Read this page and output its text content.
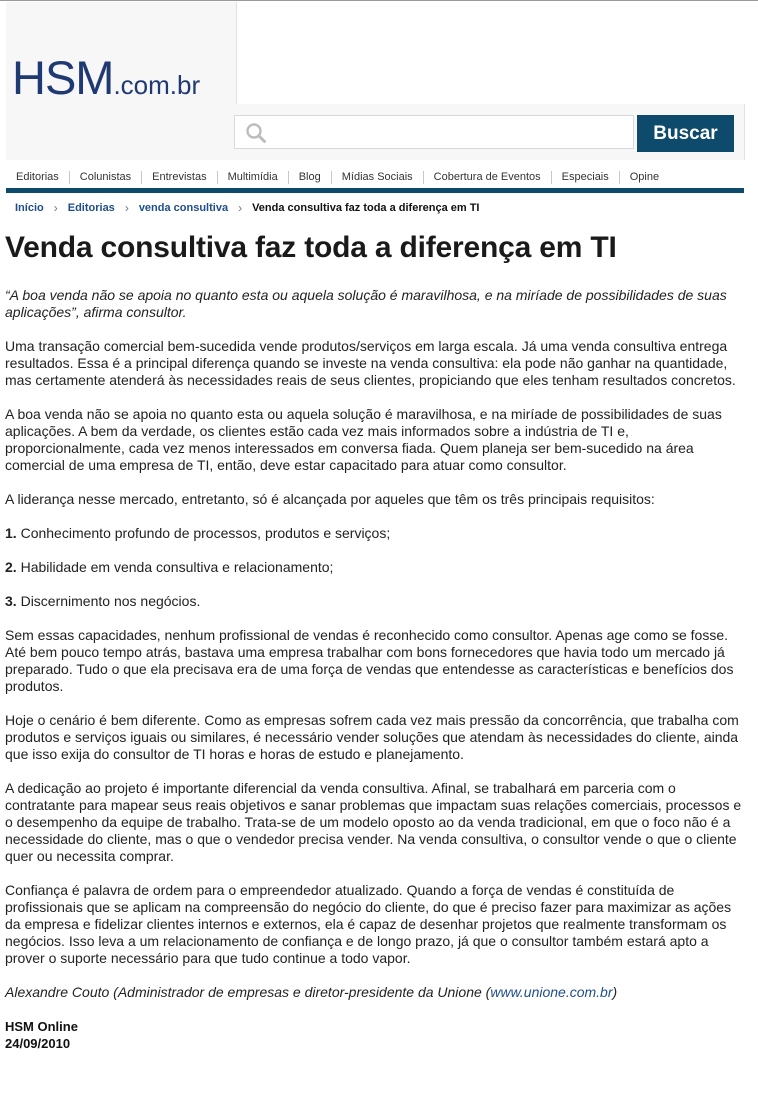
HSM.com.br
Buscar
Editorias	Colunistas	Entrevistas	Multimídia	Blog	Mídias Sociais	Cobertura de Eventos	Especiais	Opine
Início › Editorias › venda consultiva › Venda consultiva faz toda a diferença em TI
Venda consultiva faz toda a diferença em TI

“A boa venda não se apoia no quanto esta ou aquela solução é maravilhosa, e na miríade de possibilidades de suas aplicações”, afirma consultor.

Uma transação comercial bem-sucedida vende produtos/serviços em larga escala. Já uma venda consultiva entrega resultados. Essa é a principal diferença quando se investe na venda consultiva: ela pode não ganhar na quantidade, mas certamente atenderá às necessidades reais de seus clientes, propiciando que eles tenham resultados concretos.

A boa venda não se apoia no quanto esta ou aquela solução é maravilhosa, e na miríade de possibilidades de suas aplicações. A bem da verdade, os clientes estão cada vez mais informados sobre a indústria de TI e, proporcionalmente, cada vez menos interessados em conversa fiada. Quem planeja ser bem-sucedido na área comercial de uma empresa de TI, então, deve estar capacitado para atuar como consultor.

A liderança nesse mercado, entretanto, só é alcançada por aqueles que têm os três principais requisitos:

1. Conhecimento profundo de processos, produtos e serviços;

2. Habilidade em venda consultiva e relacionamento;

3. Discernimento nos negócios.

Sem essas capacidades, nenhum profissional de vendas é reconhecido como consultor. Apenas age como se fosse. Até bem pouco tempo atrás, bastava uma empresa trabalhar com bons fornecedores que havia todo um mercado já preparado. Tudo o que ela precisava era de uma força de vendas que entendesse as características e benefícios dos produtos.

Hoje o cenário é bem diferente. Como as empresas sofrem cada vez mais pressão da concorrência, que trabalha com produtos e serviços iguais ou similares, é necessário vender soluções que atendam às necessidades do cliente, ainda que isso exija do consultor de TI horas e horas de estudo e planejamento.

A dedicação ao projeto é importante diferencial da venda consultiva. Afinal, se trabalhará em parceria com o contratante para mapear seus reais objetivos e sanar problemas que impactam suas relações comerciais, processos e o desempenho da equipe de trabalho. Trata-se de um modelo oposto ao da venda tradicional, em que o foco não é a necessidade do cliente, mas o que o vendedor precisa vender. Na venda consultiva, o consultor vende o que o cliente quer ou necessita comprar.

Confiança é palavra de ordem para o empreendedor atualizado. Quando a força de vendas é constituída de profissionais que se aplicam na compreensão do negócio do cliente, do que é preciso fazer para maximizar as ações da empresa e fidelizar clientes internos e externos, ela é capaz de desenhar projetos que realmente transformam os negócios. Isso leva a um relacionamento de confiança e de longo prazo, já que o consultor também estará apto a prover o suporte necessário para que tudo continue a todo vapor.

Alexandre Couto (Administrador de empresas e diretor-presidente da Unione (www.unione.com.br)

HSM Online
24/09/2010
